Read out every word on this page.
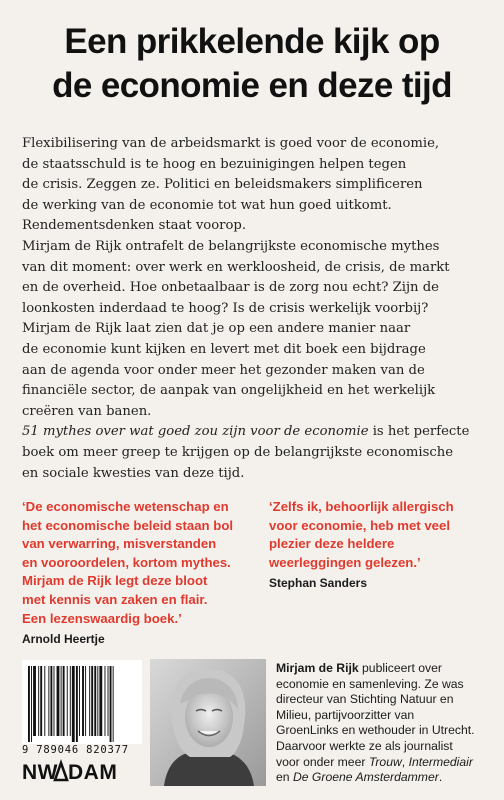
Een prikkelende kijk op
de economie en deze tijd

Flexibilisering van de arbeidsmarkt is goed voor de economie,

de staatsschuld is te hoog en bezuinigingen helpen tegen

de crisis. Zeggen ze. Politici en beleidsmakers simplificeren

de werking van de economie tot wat hun goed uitkomt.

Rendementsdenken staat voorop.

Mirjam de Rijk ontrafelt de belangrijkste economische mythes

van dit moment: over werk en werkloosheid, de crisis, de markt

en de overheid. Hoe onbetaalbaar is de zorg nou echt? Zijn de

loonkosten inderdaad te hoog? Is de crisis werkelijk voorbij?

Mirjam de Rijk laat zien dat je op een andere manier naar

de economie kunt kijken en levert met dit boek een bijdrage

aan de agenda voor onder meer het gezonder maken van de

financiële sector, de aanpak van ongelijkheid en het werkelijk

creëren van banen.

51 mythes over wat goed zou zijn voor de economie is het perfecte

boek om meer greep te krijgen op de belangrijkste economische

en sociale kwesties van deze tijd.

‘De economische wetenschap en

het economische beleid staan bol

van verwarring, misverstanden

en vooroordelen, kortom mythes.

Mirjam de Rijk legt deze bloot

met kennis van zaken en flair.

Een lezenswaardig boek.’

Arnold Heertje

‘Zelfs ik, behoorlijk allergisch

voor economie, heb met veel

plezier deze heldere

weerleggingen gelezen.’

Stephan Sanders

9 789046 820377
NW DAM

Mirjam de Rijk publiceert over

economie en samenleving. Ze was

directeur van Stichting Natuur en

Milieu, partijvoorzitter van

GroenLinks en wethouder in Utrecht.

Daarvoor werkte ze als journalist

voor onder meer Trouw, Intermediair

en De Groene Amsterdammer.
